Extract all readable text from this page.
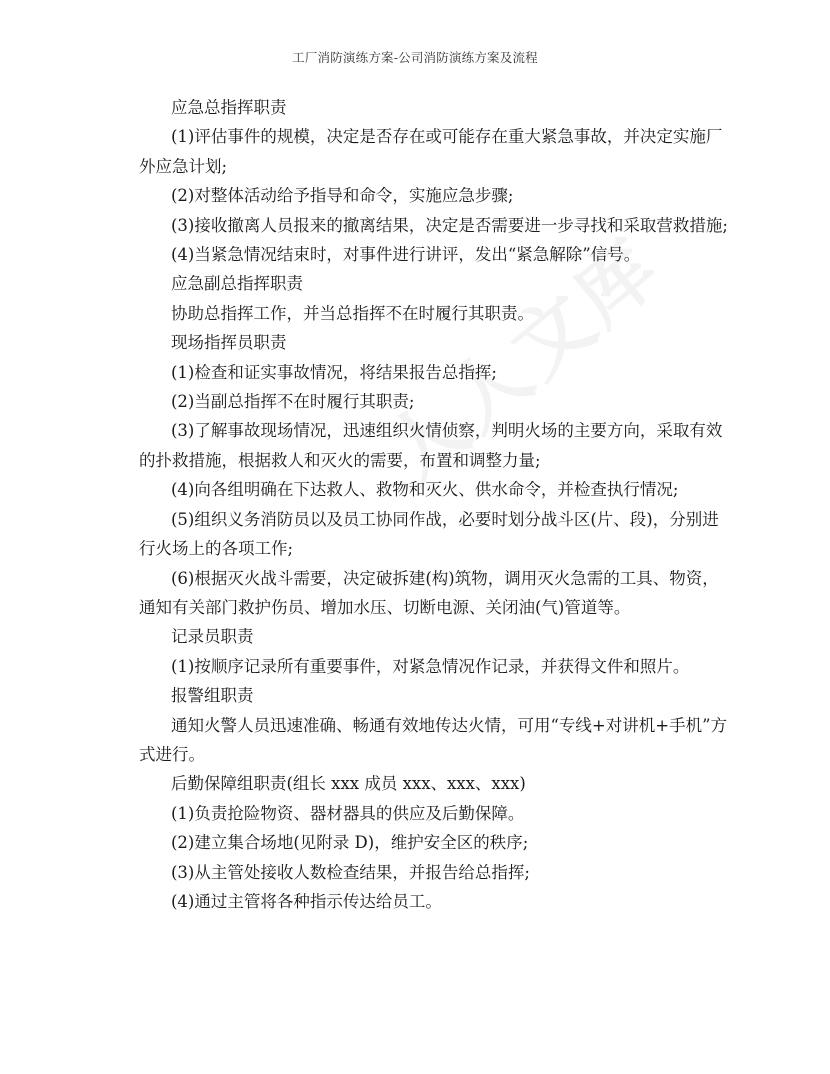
工厂消防演练方案-公司消防演练方案及流程

应急总指挥职责

(1)评估事件的规模，决定是否存在或可能存在重大紧急事故，并决定实施厂

外应急计划;

(2)对整体活动给予指导和命令，实施应急步骤;

(3)接收撤离人员报来的撤离结果，决定是否需要进一步寻找和采取营救措施;

(4)当紧急情况结束时，对事件进行讲评，发出“紧急解除”信号。

应急副总指挥职责

协助总指挥工作，并当总指挥不在时履行其职责。

现场指挥员职责

(1)检查和证实事故情况，将结果报告总指挥;

(2)当副总指挥不在时履行其职责;

(3)了解事故现场情况，迅速组织火情侦察，判明火场的主要方向，采取有效

的扑救措施，根据救人和灭火的需要，布置和调整力量;

(4)向各组明确在下达救人、救物和灭火、供水命令，并检查执行情况;

(5)组织义务消防员以及员工协同作战，必要时划分战斗区(片、段)，分别进

行火场上的各项工作;

(6)根据灭火战斗需要，决定破拆建(构)筑物，调用灭火急需的工具、物资，

通知有关部门救护伤员、增加水压、切断电源、关闭油(气)管道等。

记录员职责

(1)按顺序记录所有重要事件，对紧急情况作记录，并获得文件和照片。

报警组职责

通知火警人员迅速准确、畅通有效地传达火情，可用“专线+对讲机+手机”方

式进行。

后勤保障组职责(组长 xxx 成员 xxx、xxx、xxx)

(1)负责抢险物资、器材器具的供应及后勤保障。

(2)建立集合场地(见附录 D)，维护安全区的秩序;

(3)从主管处接收人数检查结果，并报告给总指挥;

(4)通过主管将各种指示传达给员工。
